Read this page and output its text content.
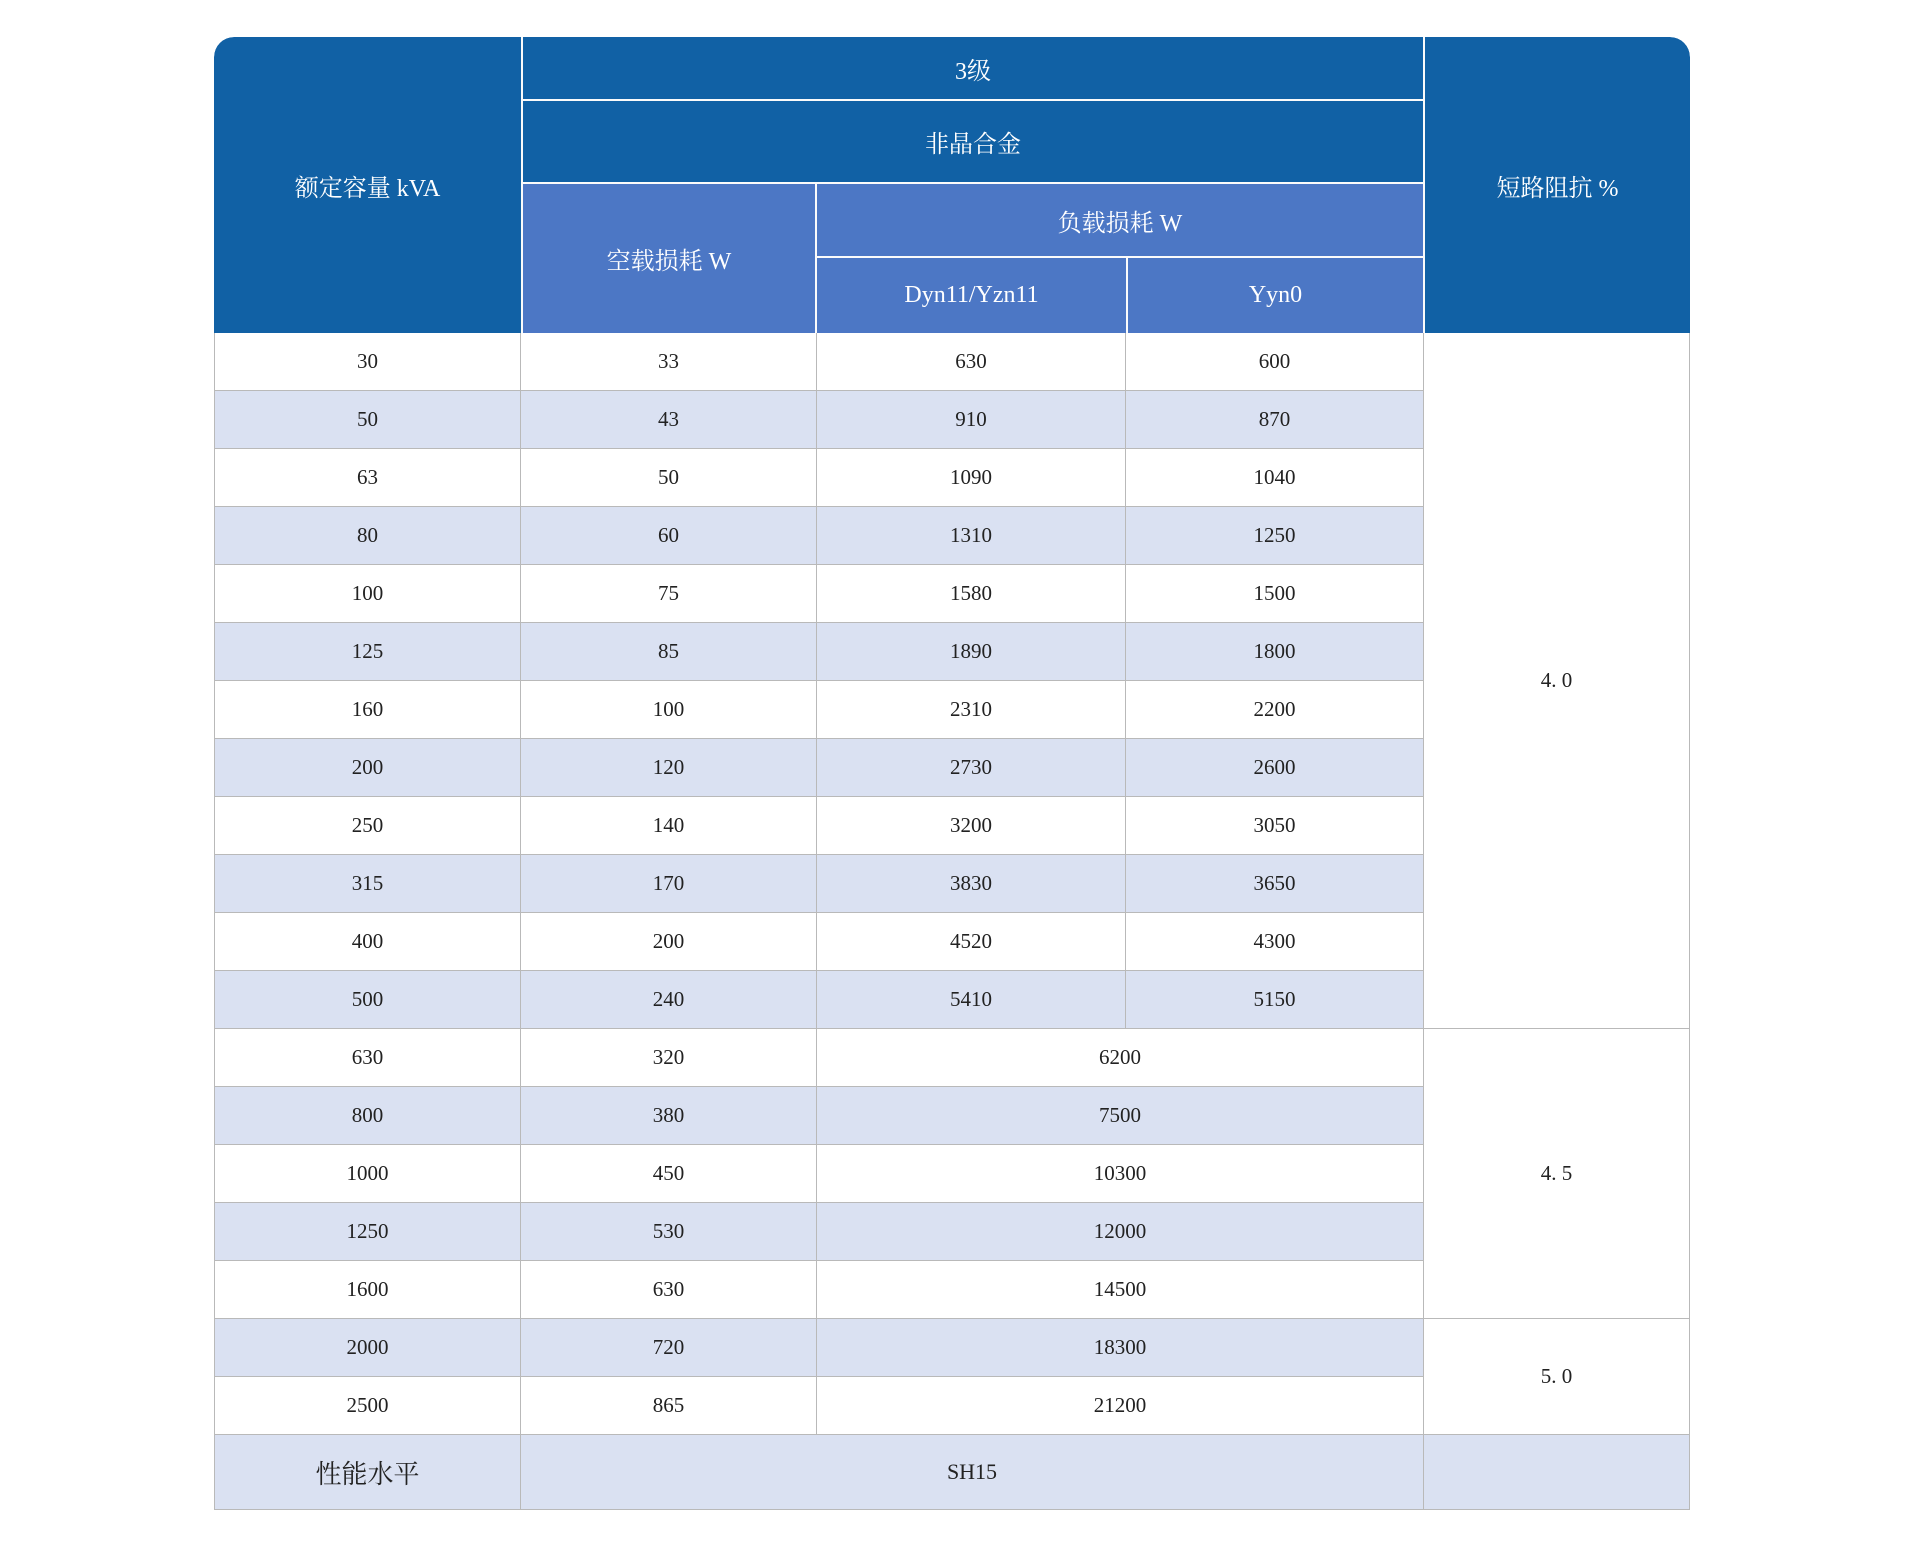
额定容量 kVA
3级
非晶合金
空载损耗 W
负载损耗 W
Dyn11/Yzn11	Yyn0
短路阻抗 %
30	33	630	600
50	43	910	870
63	50	1090	1040
80	60	1310	1250
100	75	1580	1500
125	85	1890	1800
160	100	2310	2200
200	120	2730	2600
250	140	3200	3050
315	170	3830	3650
400	200	4520	4300
500	240	5410	5150
4. 0
630	320	6200
800	380	7500
1000	450	10300
1250	530	12000
1600	630	14500
4. 5
2000	720	18300
2500	865	21200
5. 0
性能水平	SH15
